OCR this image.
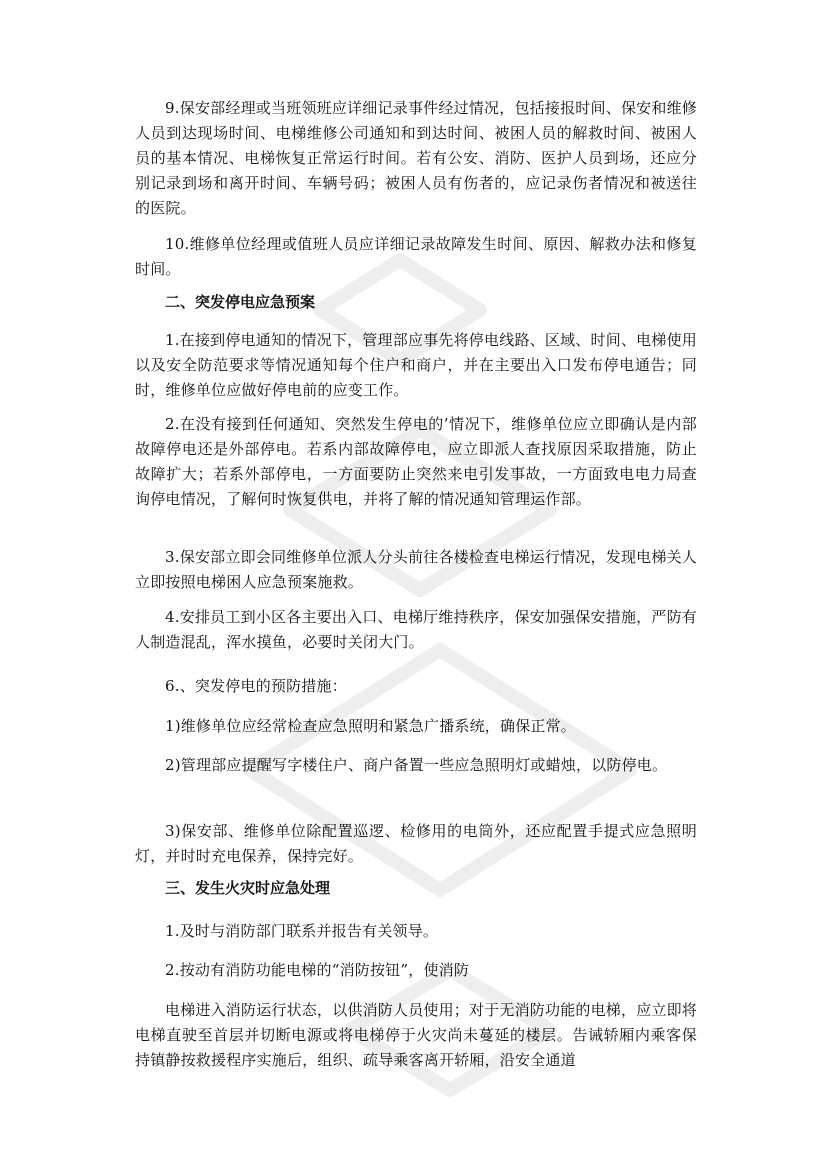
9.保安部经理或当班领班应详细记录事件经过情况，包括接报时间、保安和维修人员到达现场时间、电梯维修公司通知和到达时间、被困人员的解救时间、被困人员的基本情况、电梯恢复正常运行时间。若有公安、消防、医护人员到场，还应分别记录到场和离开时间、车辆号码；被困人员有伤者的，应记录伤者情况和被送往的医院。

10.维修单位经理或值班人员应详细记录故障发生时间、原因、解救办法和修复时间。

二、突发停电应急预案

1.在接到停电通知的情况下，管理部应事先将停电线路、区域、时间、电梯使用以及安全防范要求等情况通知每个住户和商户，并在主要出入口发布停电通告；同时，维修单位应做好停电前的应变工作。

2.在没有接到任何通知、突然发生停电的’情况下，维修单位应立即确认是内部故障停电还是外部停电。若系内部故障停电，应立即派人查找原因采取措施，防止故障扩大；若系外部停电，一方面要防止突然来电引发事故，一方面致电电力局查询停电情况，了解何时恢复供电，并将了解的情况通知管理运作部。

3.保安部立即会同维修单位派人分头前往各楼检查电梯运行情况，发现电梯关人立即按照电梯困人应急预案施救。

4.安排员工到小区各主要出入口、电梯厅维持秩序，保安加强保安措施，严防有人制造混乱，浑水摸鱼，必要时关闭大门。

6.、突发停电的预防措施：

1)维修单位应经常检查应急照明和紧急广播系统，确保正常。

2)管理部应提醒写字楼住户、商户备置一些应急照明灯或蜡烛，以防停电。

3)保安部、维修单位除配置巡逻、检修用的电筒外，还应配置手提式应急照明灯，并时时充电保养，保持完好。

三、发生火灾时应急处理

1.及时与消防部门联系并报告有关领导。

2.按动有消防功能电梯的“消防按钮”，使消防

电梯进入消防运行状态，以供消防人员使用；对于无消防功能的电梯，应立即将电梯直驶至首层并切断电源或将电梯停于火灾尚未蔓延的楼层。告诫轿厢内乘客保持镇静按救援程序实施后，组织、疏导乘客离开轿厢，沿安全通道
